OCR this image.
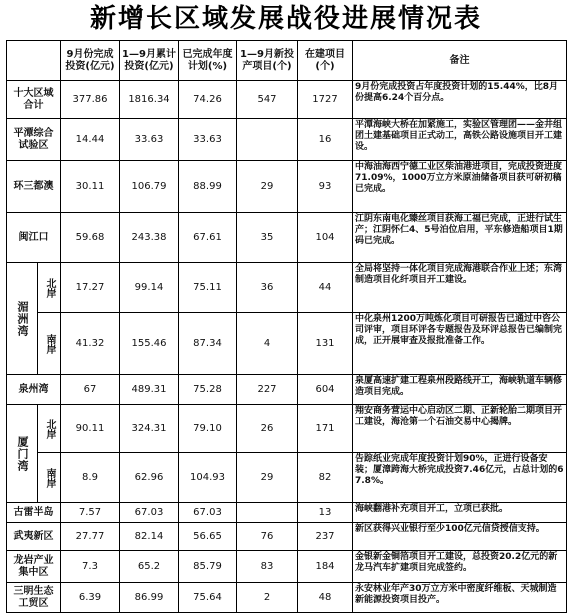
新增长区域发展战役进展情况表
		9月份完成投资(亿元)	1—9月累计投资(亿元)	已完成年度计划(%)	1—9月新投产项目(个)	在建项目(个)	备注
十大区域合计		377.86	1816.34	74.26	547	1727	9月份完成投资占年度投资计划的15.44%，比8月份提高6.24个百分点。
平潭综合试验区		14.44	33.63	33.63		16	平潭海峡大桥在加紧施工，实验区管理团——金井组团土建基础项目正式动工，高铁公路设施项目开工建设。
环三都澳		30.11	106.79	88.99	29	93	中海油海西宁德工业区柴油港进项目，完成投资进度71.09%，1000万立方米原油储备项目获可研初稿已完成。
闽江口		59.68	243.38	67.61	35	104	江阴东南电化臻丝项目获海工福已完成，正进行试生产；江阴怀仁4、5号泊位启用，平东修造船项目1期码已完成。
湄洲湾	北岸	17.27	99.14	75.11	36	44	全局将坚持一体化项目完成海港联合作业上述；东湾制造项目化纤项目开工建设。
	南岸	41.32	155.46	87.34	4	131	中化泉州1200万吨炼化项目可研报告已通过中咨公司评审，项目环评各专题报告及环评总报告已编制完成，正开展审查及报批准备工作。
泉州湾		67	489.31	75.28	227	604	泉厦高速扩建工程泉州段路线开工，海峡轨道车辆修造项目完成。
厦门湾	北岸	90.11	324.31	79.10	26	171	翔安商务营运中心启动区二期、正新轮胎二期项目开工建设，海沧第一个石油交易中心揭牌。
	南岸	8.9	62.96	104.93	29	82	告踪纸业完成年度投资计划90%，正进行设备安装；厦漳跨海大桥完成投资7.46亿元，占总计划的67.8%。
古雷半岛		7.57	67.03	67.03		13	海峡翻港补充项目开工，立项已获批。
武夷新区		27.77	82.14	56.65	76	237	新区获得兴业银行至少100亿元信贷授信支持。
龙岩产业集中区		7.3	65.2	85.79	83	184	金银新金铜箔项目开工建设，总投资20.2亿元的新龙马汽车扩建项目完成签约。
三明生态工贸区		6.39	86.99	75.64	2	48	永安林业年产30万立方米中密度纤维板、天城制造新能源投资项目投产。
